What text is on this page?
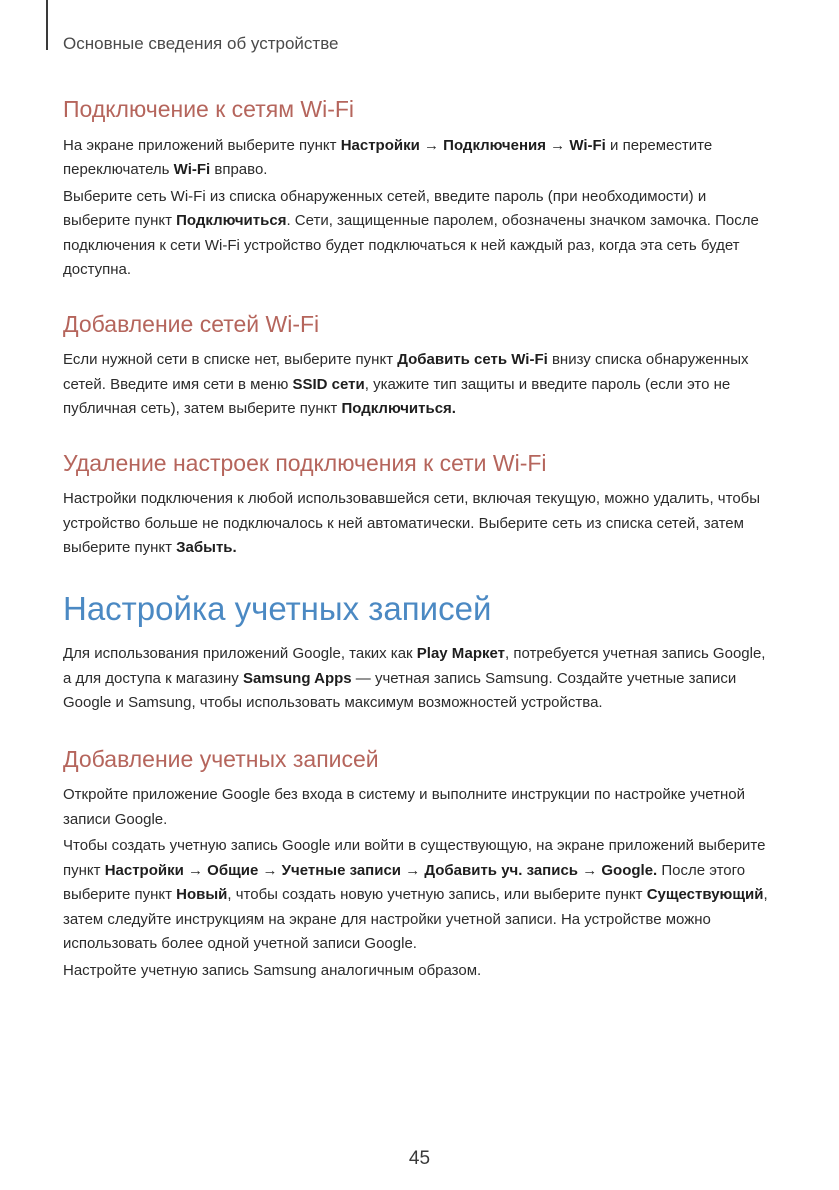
Основные сведения об устройстве
Подключение к сетям Wi-Fi

На экране приложений выберите пункт Настройки → Подключения → Wi-Fi и переместите переключатель Wi-Fi вправо.

Выберите сеть Wi-Fi из списка обнаруженных сетей, введите пароль (при необходимости) и выберите пункт Подключиться. Сети, защищенные паролем, обозначены значком замочка. После подключения к сети Wi-Fi устройство будет подключаться к ней каждый раз, когда эта сеть будет доступна.

Добавление сетей Wi-Fi

Если нужной сети в списке нет, выберите пункт Добавить сеть Wi-Fi внизу списка обнаруженных сетей. Введите имя сети в меню SSID сети, укажите тип защиты и введите пароль (если это не публичная сеть), затем выберите пункт Подключиться.

Удаление настроек подключения к сети Wi-Fi

Настройки подключения к любой использовавшейся сети, включая текущую, можно удалить, чтобы устройство больше не подключалось к ней автоматически. Выберите сеть из списка сетей, затем выберите пункт Забыть.

Настройка учетных записей

Для использования приложений Google, таких как Play Маркет, потребуется учетная запись Google, а для доступа к магазину Samsung Apps — учетная запись Samsung. Создайте учетные записи Google и Samsung, чтобы использовать максимум возможностей устройства.

Добавление учетных записей

Откройте приложение Google без входа в систему и выполните инструкции по настройке учетной записи Google.

Чтобы создать учетную запись Google или войти в существующую, на экране приложений выберите пункт Настройки → Общие → Учетные записи → Добавить уч. запись → Google. После этого выберите пункт Новый, чтобы создать новую учетную запись, или выберите пункт Существующий, затем следуйте инструкциям на экране для настройки учетной записи. На устройстве можно использовать более одной учетной записи Google.

Настройте учетную запись Samsung аналогичным образом.

45
